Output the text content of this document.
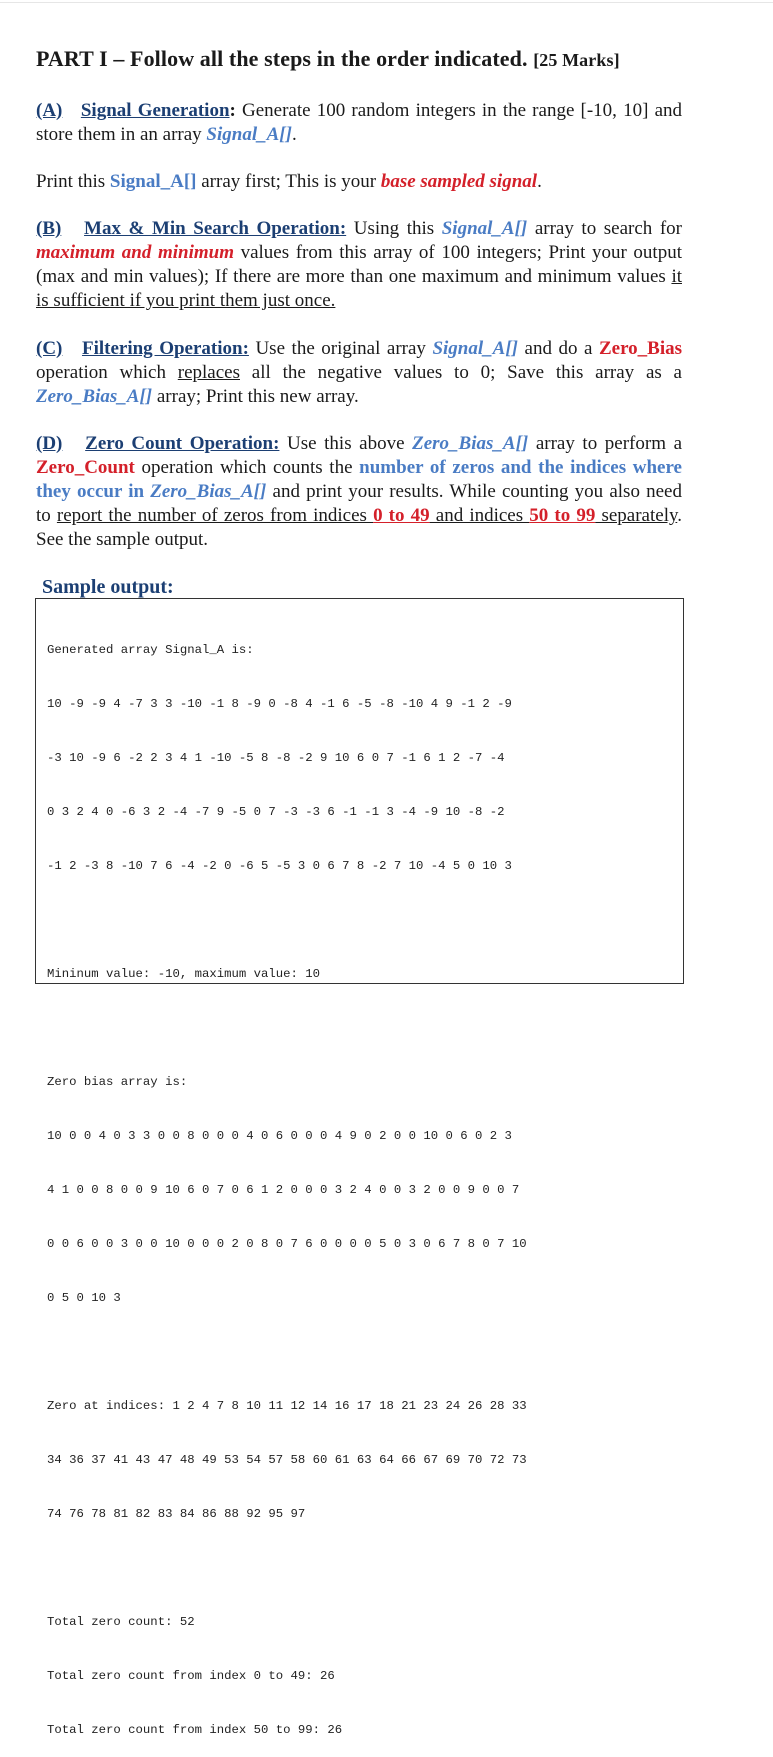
PART I – Follow all the steps in the order indicated. [25 Marks]

(A) Signal Generation: Generate 100 random integers in the range [-10, 10] and store them in an array Signal_A[].

Print this Signal_A[] array first; This is your base sampled signal.

(B) Max & Min Search Operation: Using this Signal_A[] array to search for maximum and minimum values from this array of 100 integers; Print your output (max and min values); If there are more than one maximum and minimum values it is sufficient if you print them just once.

(C) Filtering Operation: Use the original array Signal_A[] and do a Zero_Bias operation which replaces all the negative values to 0; Save this array as a Zero_Bias_A[] array; Print this new array.

(D) Zero Count Operation: Use this above Zero_Bias_A[] array to perform a Zero_Count operation which counts the number of zeros and the indices where they occur in Zero_Bias_A[] and print your results. While counting you also need to report the number of zeros from indices 0 to 49 and indices 50 to 99 separately. See the sample output.

Sample output:

Generated array Signal_A is:

10 -9 -9 4 -7 3 3 -10 -1 8 -9 0 -8 4 -1 6 -5 -8 -10 4 9 -1 2 -9

-3 10 -9 6 -2 2 3 4 1 -10 -5 8 -8 -2 9 10 6 0 7 -1 6 1 2 -7 -4

0 3 2 4 0 -6 3 2 -4 -7 9 -5 0 7 -3 -3 6 -1 -1 3 -4 -9 10 -8 -2

-1 2 -3 8 -10 7 6 -4 -2 0 -6 5 -5 3 0 6 7 8 -2 7 10 -4 5 0 10 3

Mininum value: -10, maximum value: 10

Zero bias array is:

10 0 0 4 0 3 3 0 0 8 0 0 0 4 0 6 0 0 0 4 9 0 2 0 0 10 0 6 0 2 3

4 1 0 0 8 0 0 9 10 6 0 7 0 6 1 2 0 0 0 3 2 4 0 0 3 2 0 0 9 0 0 7

0 0 6 0 0 3 0 0 10 0 0 0 2 0 8 0 7 6 0 0 0 0 5 0 3 0 6 7 8 0 7 10

0 5 0 10 3

Zero at indices: 1 2 4 7 8 10 11 12 14 16 17 18 21 23 24 26 28 33

34 36 37 41 43 47 48 49 53 54 57 58 60 61 63 64 66 67 69 70 72 73

74 76 78 81 82 83 84 86 88 92 95 97

Total zero count: 52

Total zero count from index 0 to 49: 26

Total zero count from index 50 to 99: 26
